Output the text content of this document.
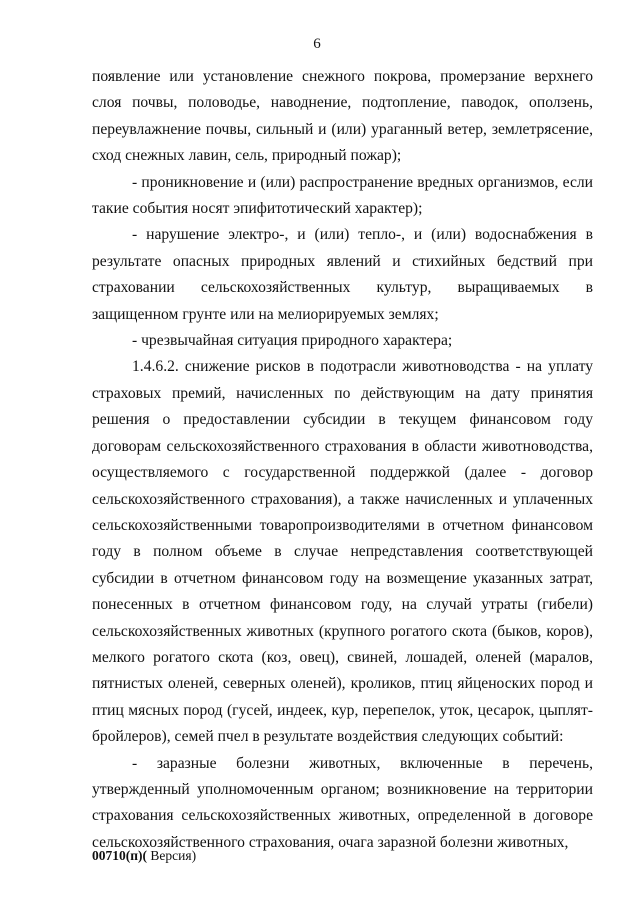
6

появление или установление снежного покрова, промерзание верхнего слоя почвы, половодье, наводнение, подтопление, паводок, оползень, переувлажнение почвы, сильный и (или) ураганный ветер, землетрясение, сход снежных лавин, сель, природный пожар);

- проникновение и (или) распространение вредных организмов, если такие события носят эпифитотический характер);

- нарушение электро-, и (или) тепло-, и (или) водоснабжения в результате опасных природных явлений и стихийных бедствий при страховании сельскохозяйственных культур, выращиваемых в защищенном грунте или на мелиорируемых землях;

- чрезвычайная ситуация природного характера;

1.4.6.2. снижение рисков в подотрасли животноводства - на уплату страховых премий, начисленных по действующим на дату принятия решения о предоставлении субсидии в текущем финансовом году договорам сельскохозяйственного страхования в области животноводства, осуществляемого с государственной поддержкой (далее - договор сельскохозяйственного страхования), а также начисленных и уплаченных сельскохозяйственными товаропроизводителями в отчетном финансовом году в полном объеме в случае непредставления соответствующей субсидии в отчетном финансовом году на возмещение указанных затрат, понесенных в отчетном финансовом году, на случай утраты (гибели) сельскохозяйственных животных (крупного рогатого скота (быков, коров), мелкого рогатого скота (коз, овец), свиней, лошадей, оленей (маралов, пятнистых оленей, северных оленей), кроликов, птиц яйценоских пород и птиц мясных пород (гусей, индеек, кур, перепелок, уток, цесарок, цыплят-бройлеров), семей пчел в результате воздействия следующих событий:

- заразные болезни животных, включенные в перечень, утвержденный уполномоченным органом; возникновение на территории страхования сельскохозяйственных животных, определенной в договоре сельскохозяйственного страхования, очага заразной болезни животных,

00710(п)( Версия)
